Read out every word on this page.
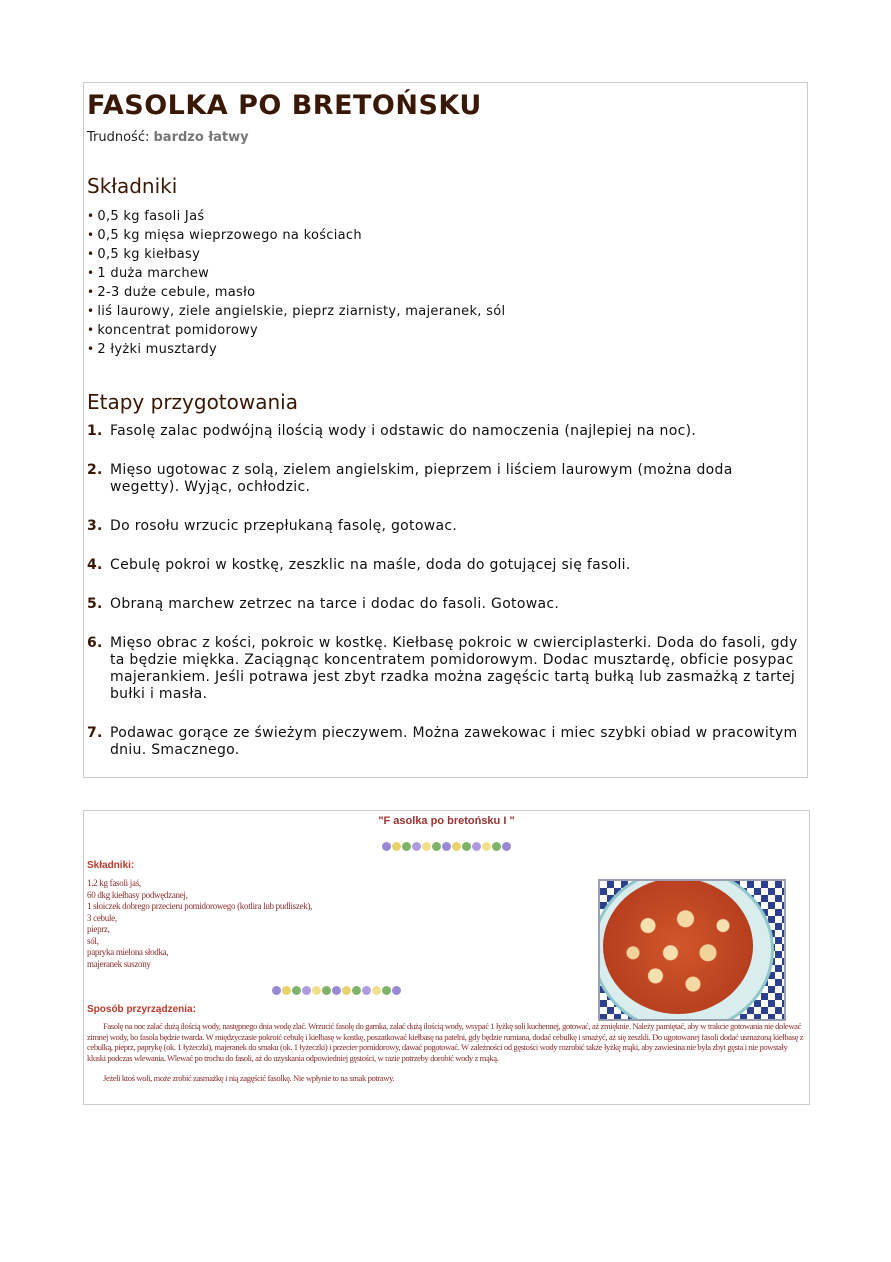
FASOLKA PO BRETOŃSKU
Trudność: bardzo łatwy
Składniki
• 0,5 kg fasoli Jaś
• 0,5 kg mięsa wieprzowego na kościach
• 0,5 kg kiełbasy
• 1 duża marchew
• 2-3 duże cebule, masło
• liś laurowy, ziele angielskie, pieprz ziarnisty, majeranek, sól
• koncentrat pomidorowy
• 2 łyżki musztardy
Etapy przygotowania
1. Fasolę zalac podwójną ilością wody i odstawic do namoczenia (najlepiej na noc).
2. Mięso ugotowac z solą, zielem angielskim, pieprzem i liściem laurowym (można doda wegetty). Wyjąc, ochłodzic.
3. Do rosołu wrzucic przepłukaną fasolę, gotowac.
4. Cebulę pokroi w kostkę, zeszklic na maśle, doda do gotującej się fasoli.
5. Obraną marchew zetrzec na tarce i dodac do fasoli. Gotowac.
6. Mięso obrac z kości, pokroic w kostkę. Kiełbasę pokroic w cwierciplasterki. Doda do fasoli, gdy ta będzie miękka. Zaciągnąc koncentratem pomidorowym. Dodac musztardę, obficie posypac majerankiem. Jeśli potrawa jest zbyt rzadka można zagęścic tartą bułką lub zasmażką z tartej bułki i masła.
7. Podawac gorące ze świeżym pieczywem. Można zawekowac i miec szybki obiad w pracowitym dniu. Smacznego.
"F asolka po bretońsku I "
Składniki:
1.2 kg fasoli jaś,
60 dkg kiełbasy podwędzanej,
1 słoiczek dobrego przecieru pomidorowego (kotlira lub pudliszek),
3 cebule,
pieprz,
sól,
papryka mielona słodka,
majeranek suszony
Sposób przyrządzenia:

Fasolę na noc zalać dużą ilością wody, następnego dnia wodę zlać. Wrzucić fasolę do garnka, zalać dużą ilością wody, wsypać 1 łyżkę soli kuchennej, gotować, aż zmięknie. Należy pamiętać, aby w trakcie gotowania nie dolewać zimnej wody, bo fasola będzie twarda. W międzyczasie pokroić cebulę i kiełbasę w kostkę, poszatkować kiełbasę na patelni, gdy będzie rumiana, dodać cebulkę i smażyć, aż się zeszkli. Do ugotowanej fasoli dodać usmażoną kiełbasę z cebulką, pieprz, paprykę (ok. 1 łyżeczki), majeranek do smaku (ok. 1 łyżeczki) i przecier pomidorowy, dawać pogotować. W zależności od gęstości wody rozrobić także łyżkę mąki, aby zawiesina nie była zbyt gęsta i nie powstały kluski podczas wlewania. Wlewać po trochu do fasoli, aż do uzyskania odpowiedniej gęstości, w razie potrzeby dorobić wody z mąką.

Jeżeli ktoś woli, może zrobić zasmażkę i nią zagęścić fasolkę. Nie wpłynie to na smak potrawy.
